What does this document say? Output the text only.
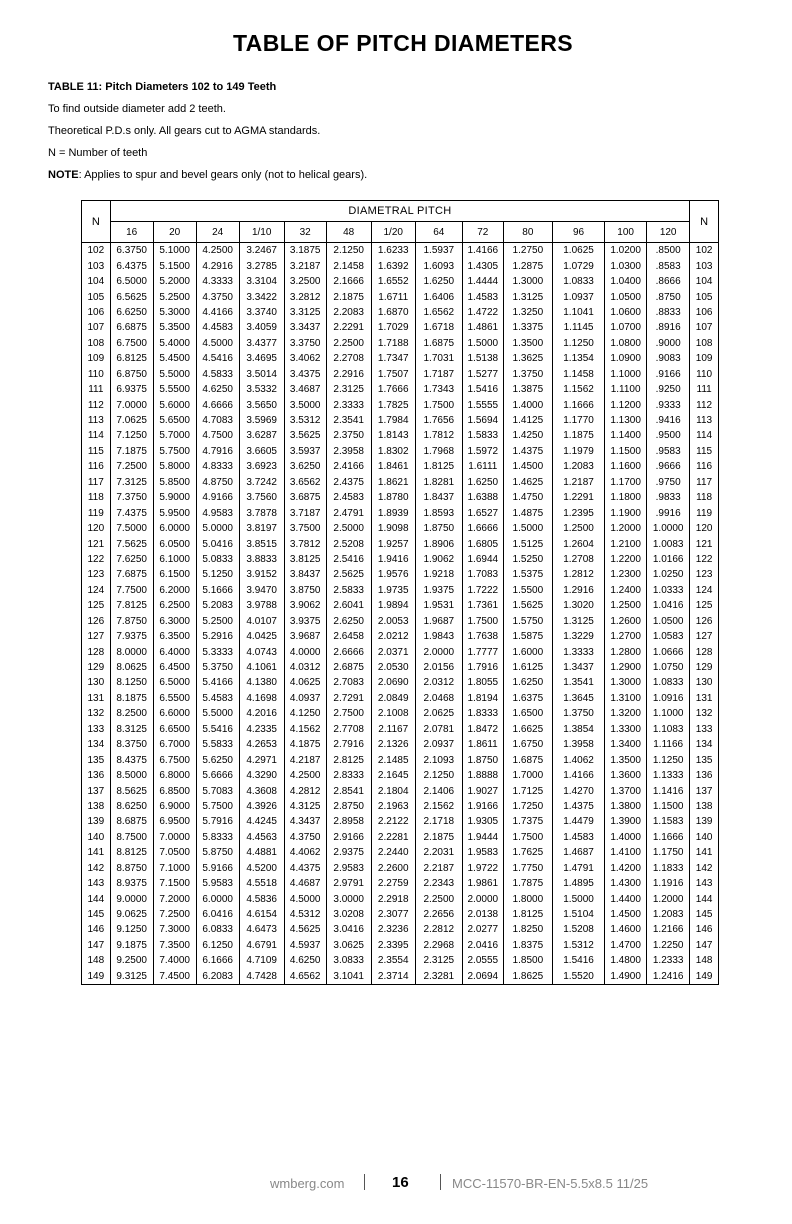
TABLE OF PITCH DIAMETERS

TABLE 11: Pitch Diameters 102 to 149 Teeth

To find outside diameter add 2 teeth.

Theoretical P.D.s only. All gears cut to AGMA standards.

N = Number of teeth

NOTE: Applies to spur and bevel gears only (not to helical gears).

N	DIAMETRAL PITCH													N
	16	20	24	1/10	32	48	1/20	64	72	80	96	100	120	
102	6.3750	5.1000	4.2500	3.2467	3.1875	2.1250	1.6233	1.5937	1.4166	1.2750	1.0625	1.0200	.8500	102
103	6.4375	5.1500	4.2916	3.2785	3.2187	2.1458	1.6392	1.6093	1.4305	1.2875	1.0729	1.0300	.8583	103
104	6.5000	5.2000	4.3333	3.3104	3.2500	2.1666	1.6552	1.6250	1.4444	1.3000	1.0833	1.0400	.8666	104
105	6.5625	5.2500	4.3750	3.3422	3.2812	2.1875	1.6711	1.6406	1.4583	1.3125	1.0937	1.0500	.8750	105
106	6.6250	5.3000	4.4166	3.3740	3.3125	2.2083	1.6870	1.6562	1.4722	1.3250	1.1041	1.0600	.8833	106
107	6.6875	5.3500	4.4583	3.4059	3.3437	2.2291	1.7029	1.6718	1.4861	1.3375	1.1145	1.0700	.8916	107
108	6.7500	5.4000	4.5000	3.4377	3.3750	2.2500	1.7188	1.6875	1.5000	1.3500	1.1250	1.0800	.9000	108
109	6.8125	5.4500	4.5416	3.4695	3.4062	2.2708	1.7347	1.7031	1.5138	1.3625	1.1354	1.0900	.9083	109
110	6.8750	5.5000	4.5833	3.5014	3.4375	2.2916	1.7507	1.7187	1.5277	1.3750	1.1458	1.1000	.9166	110
111	6.9375	5.5500	4.6250	3.5332	3.4687	2.3125	1.7666	1.7343	1.5416	1.3875	1.1562	1.1100	.9250	111
112	7.0000	5.6000	4.6666	3.5650	3.5000	2.3333	1.7825	1.7500	1.5555	1.4000	1.1666	1.1200	.9333	112
113	7.0625	5.6500	4.7083	3.5969	3.5312	2.3541	1.7984	1.7656	1.5694	1.4125	1.1770	1.1300	.9416	113
114	7.1250	5.7000	4.7500	3.6287	3.5625	2.3750	1.8143	1.7812	1.5833	1.4250	1.1875	1.1400	.9500	114
115	7.1875	5.7500	4.7916	3.6605	3.5937	2.3958	1.8302	1.7968	1.5972	1.4375	1.1979	1.1500	.9583	115
116	7.2500	5.8000	4.8333	3.6923	3.6250	2.4166	1.8461	1.8125	1.6111	1.4500	1.2083	1.1600	.9666	116
117	7.3125	5.8500	4.8750	3.7242	3.6562	2.4375	1.8621	1.8281	1.6250	1.4625	1.2187	1.1700	.9750	117
118	7.3750	5.9000	4.9166	3.7560	3.6875	2.4583	1.8780	1.8437	1.6388	1.4750	1.2291	1.1800	.9833	118
119	7.4375	5.9500	4.9583	3.7878	3.7187	2.4791	1.8939	1.8593	1.6527	1.4875	1.2395	1.1900	.9916	119
120	7.5000	6.0000	5.0000	3.8197	3.7500	2.5000	1.9098	1.8750	1.6666	1.5000	1.2500	1.2000	1.0000	120
121	7.5625	6.0500	5.0416	3.8515	3.7812	2.5208	1.9257	1.8906	1.6805	1.5125	1.2604	1.2100	1.0083	121
122	7.6250	6.1000	5.0833	3.8833	3.8125	2.5416	1.9416	1.9062	1.6944	1.5250	1.2708	1.2200	1.0166	122
123	7.6875	6.1500	5.1250	3.9152	3.8437	2.5625	1.9576	1.9218	1.7083	1.5375	1.2812	1.2300	1.0250	123
124	7.7500	6.2000	5.1666	3.9470	3.8750	2.5833	1.9735	1.9375	1.7222	1.5500	1.2916	1.2400	1.0333	124
125	7.8125	6.2500	5.2083	3.9788	3.9062	2.6041	1.9894	1.9531	1.7361	1.5625	1.3020	1.2500	1.0416	125
126	7.8750	6.3000	5.2500	4.0107	3.9375	2.6250	2.0053	1.9687	1.7500	1.5750	1.3125	1.2600	1.0500	126
127	7.9375	6.3500	5.2916	4.0425	3.9687	2.6458	2.0212	1.9843	1.7638	1.5875	1.3229	1.2700	1.0583	127
128	8.0000	6.4000	5.3333	4.0743	4.0000	2.6666	2.0371	2.0000	1.7777	1.6000	1.3333	1.2800	1.0666	128
129	8.0625	6.4500	5.3750	4.1061	4.0312	2.6875	2.0530	2.0156	1.7916	1.6125	1.3437	1.2900	1.0750	129
130	8.1250	6.5000	5.4166	4.1380	4.0625	2.7083	2.0690	2.0312	1.8055	1.6250	1.3541	1.3000	1.0833	130
131	8.1875	6.5500	5.4583	4.1698	4.0937	2.7291	2.0849	2.0468	1.8194	1.6375	1.3645	1.3100	1.0916	131
132	8.2500	6.6000	5.5000	4.2016	4.1250	2.7500	2.1008	2.0625	1.8333	1.6500	1.3750	1.3200	1.1000	132
133	8.3125	6.6500	5.5416	4.2335	4.1562	2.7708	2.1167	2.0781	1.8472	1.6625	1.3854	1.3300	1.1083	133
134	8.3750	6.7000	5.5833	4.2653	4.1875	2.7916	2.1326	2.0937	1.8611	1.6750	1.3958	1.3400	1.1166	134
135	8.4375	6.7500	5.6250	4.2971	4.2187	2.8125	2.1485	2.1093	1.8750	1.6875	1.4062	1.3500	1.1250	135
136	8.5000	6.8000	5.6666	4.3290	4.2500	2.8333	2.1645	2.1250	1.8888	1.7000	1.4166	1.3600	1.1333	136
137	8.5625	6.8500	5.7083	4.3608	4.2812	2.8541	2.1804	2.1406	1.9027	1.7125	1.4270	1.3700	1.1416	137
138	8.6250	6.9000	5.7500	4.3926	4.3125	2.8750	2.1963	2.1562	1.9166	1.7250	1.4375	1.3800	1.1500	138
139	8.6875	6.9500	5.7916	4.4245	4.3437	2.8958	2.2122	2.1718	1.9305	1.7375	1.4479	1.3900	1.1583	139
140	8.7500	7.0000	5.8333	4.4563	4.3750	2.9166	2.2281	2.1875	1.9444	1.7500	1.4583	1.4000	1.1666	140
141	8.8125	7.0500	5.8750	4.4881	4.4062	2.9375	2.2440	2.2031	1.9583	1.7625	1.4687	1.4100	1.1750	141
142	8.8750	7.1000	5.9166	4.5200	4.4375	2.9583	2.2600	2.2187	1.9722	1.7750	1.4791	1.4200	1.1833	142
143	8.9375	7.1500	5.9583	4.5518	4.4687	2.9791	2.2759	2.2343	1.9861	1.7875	1.4895	1.4300	1.1916	143
144	9.0000	7.2000	6.0000	4.5836	4.5000	3.0000	2.2918	2.2500	2.0000	1.8000	1.5000	1.4400	1.2000	144
145	9.0625	7.2500	6.0416	4.6154	4.5312	3.0208	2.3077	2.2656	2.0138	1.8125	1.5104	1.4500	1.2083	145
146	9.1250	7.3000	6.0833	4.6473	4.5625	3.0416	2.3236	2.2812	2.0277	1.8250	1.5208	1.4600	1.2166	146
147	9.1875	7.3500	6.1250	4.6791	4.5937	3.0625	2.3395	2.2968	2.0416	1.8375	1.5312	1.4700	1.2250	147
148	9.2500	7.4000	6.1666	4.7109	4.6250	3.0833	2.3554	2.3125	2.0555	1.8500	1.5416	1.4800	1.2333	148
149	9.3125	7.4500	6.2083	4.7428	4.6562	3.1041	2.3714	2.3281	2.0694	1.8625	1.5520	1.4900	1.2416	149
wmberg.com	16	MCC-11570-BR-EN-5.5x8.5 11/25
